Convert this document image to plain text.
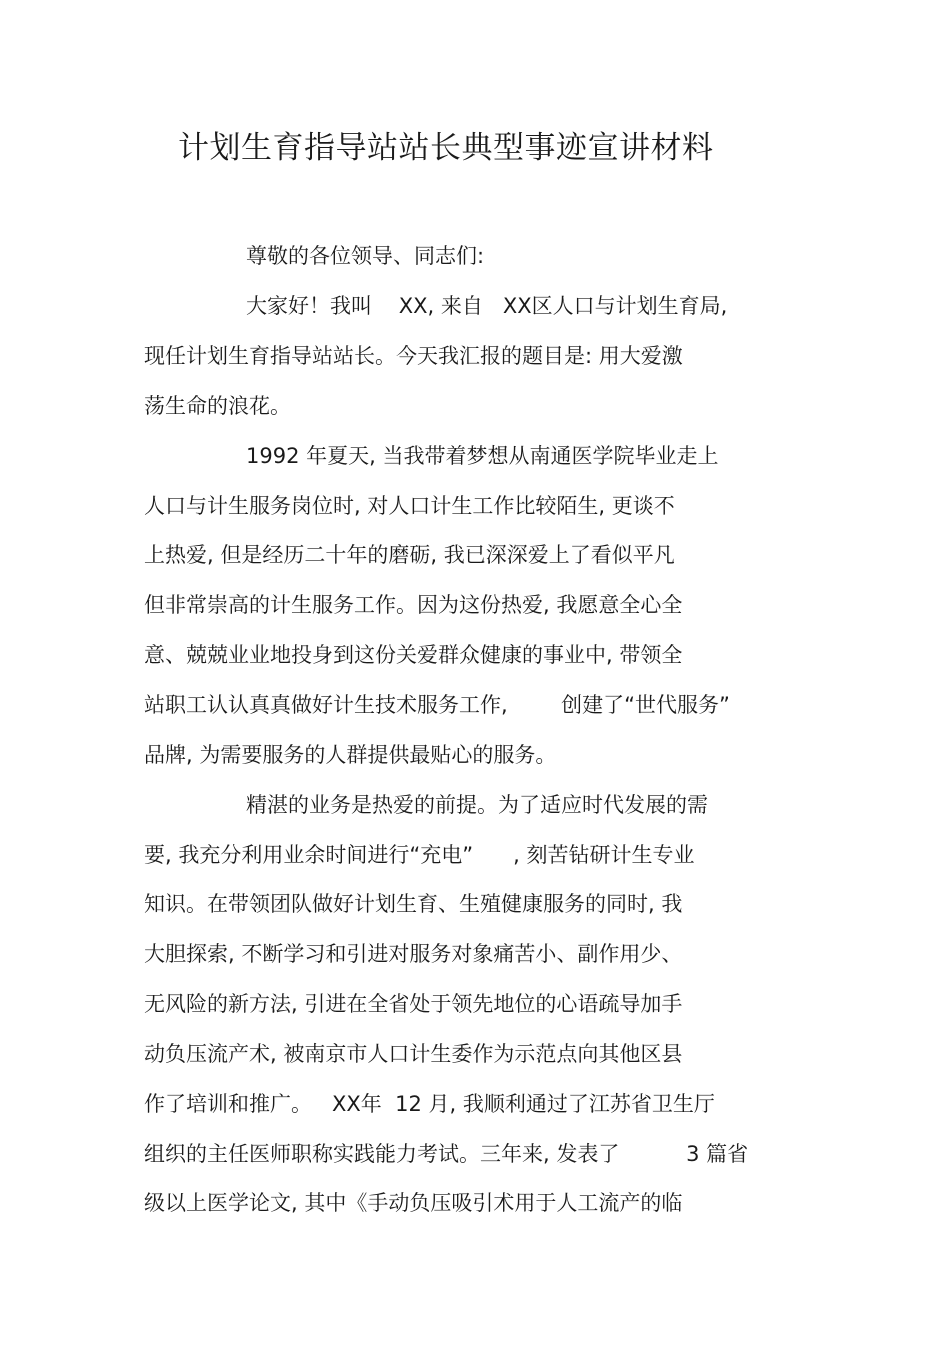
计划生育指导站站长典型事迹宣讲材料
尊敬的各位领导、同志们:
大家好！我叫    XX, 来自   XX区人口与计划生育局,
现任计划生育指导站站长。今天我汇报的题目是: 用大爱激
荡生命的浪花。
1992 年夏天, 当我带着梦想从南通医学院毕业走上
人口与计生服务岗位时, 对人口计生工作比较陌生, 更谈不
上热爱, 但是经历二十年的磨砺, 我已深深爱上了看似平凡
但非常崇高的计生服务工作。因为这份热爱, 我愿意全心全
意、兢兢业业地投身到这份关爱群众健康的事业中, 带领全
站职工认认真真做好计生技术服务工作,        创建了“世代服务”
品牌, 为需要服务的人群提供最贴心的服务。
精湛的业务是热爱的前提。为了适应时代发展的需
要, 我充分利用业余时间进行“充电”      , 刻苦钻研计生专业
知识。在带领团队做好计划生育、生殖健康服务的同时, 我
大胆探索, 不断学习和引进对服务对象痛苦小、副作用少、
无风险的新方法, 引进在全省处于领先地位的心语疏导加手
动负压流产术, 被南京市人口计生委作为示范点向其他区县
作了培训和推广。   XX年  12 月, 我顺利通过了江苏省卫生厅
组织的主任医师职称实践能力考试。三年来, 发表了          3 篇省
级以上医学论文, 其中《手动负压吸引术用于人工流产的临
